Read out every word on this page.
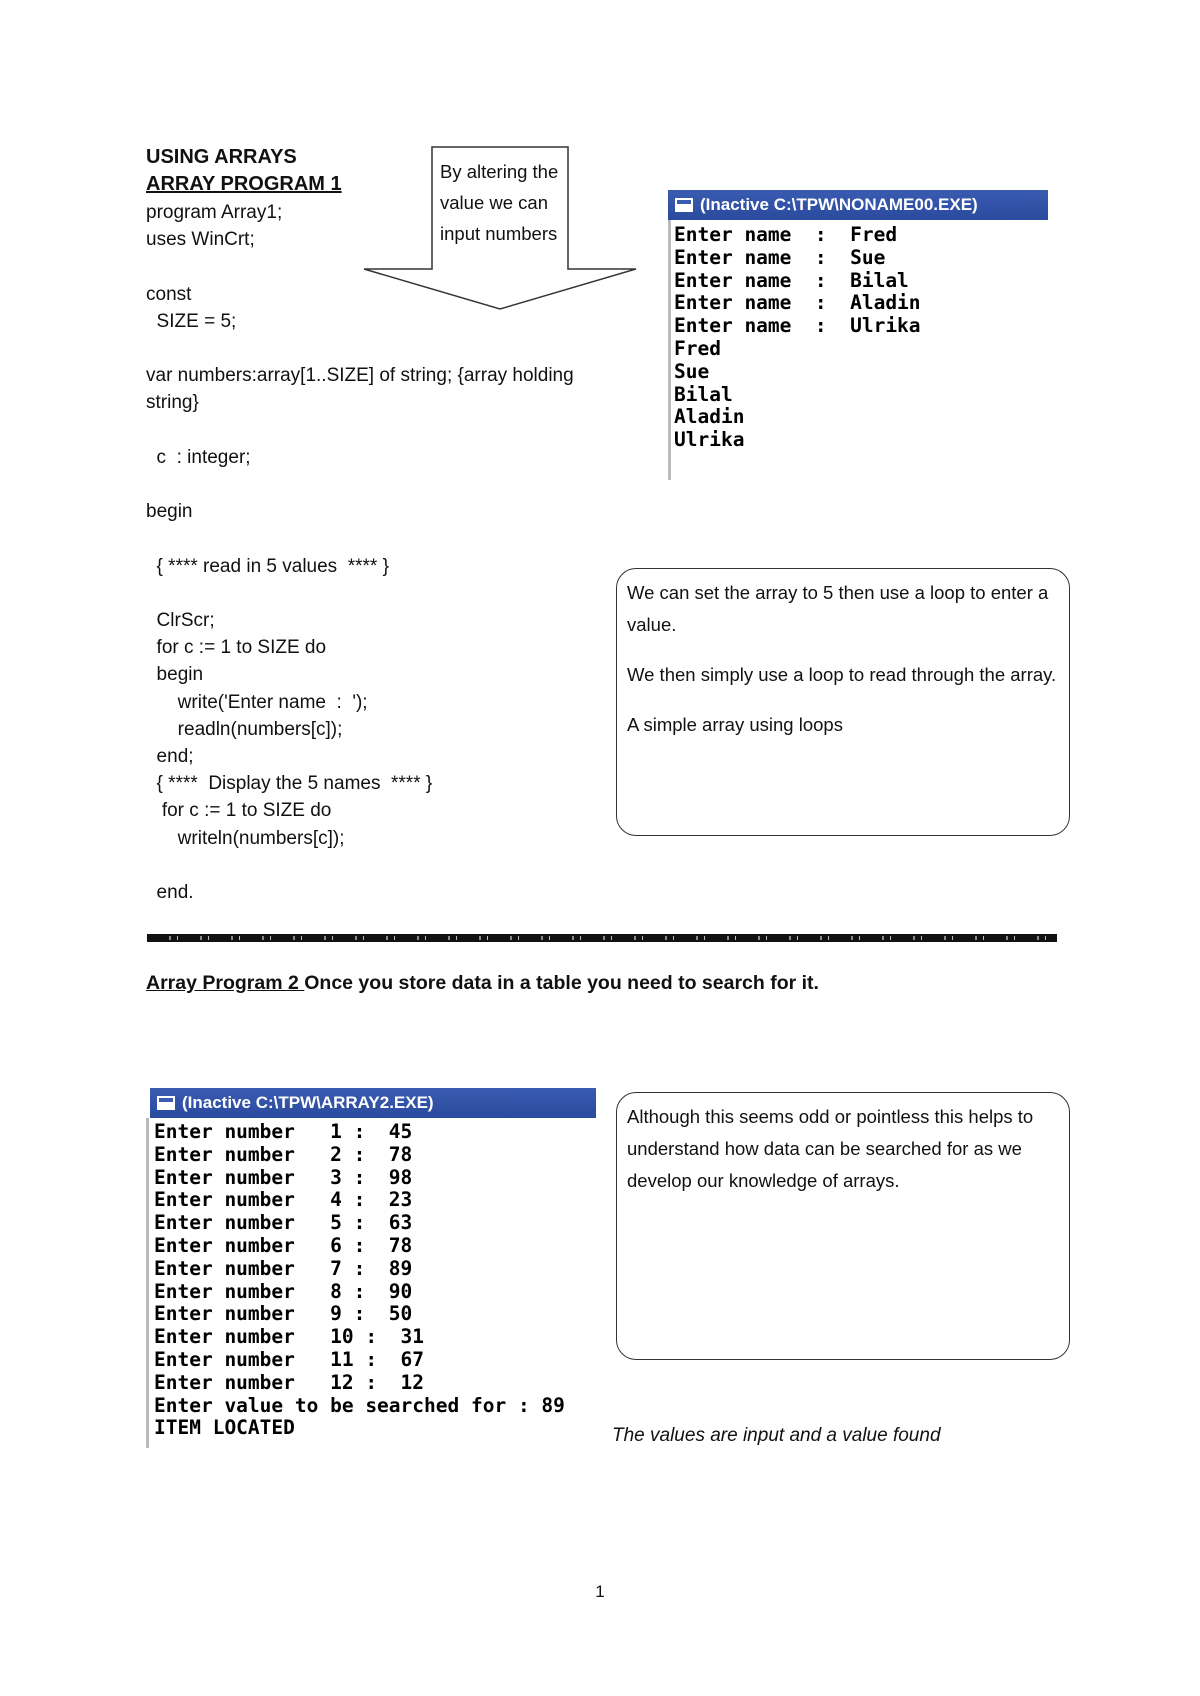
USING ARRAYS
ARRAY PROGRAM 1
program Array1;
uses WinCrt;
const
SIZE = 5;
var numbers:array[1..SIZE] of string; {array holding
string}
c  : integer;
begin
{ **** read in 5 values  **** }
ClrScr;
for c := 1 to SIZE do
begin
write('Enter name  :  ');
readln(numbers[c]);
end;
{ ****  Display the 5 names  **** }
for c := 1 to SIZE do
writeln(numbers[c]);
end.
By altering the value we can input numbers
(Inactive C:\TPW\NONAME00.EXE)
Enter name  :  Fred
Enter name  :  Sue
Enter name  :  Bilal
Enter name  :  Aladin
Enter name  :  Ulrika
Fred
Sue
Bilal
Aladin
Ulrika

We can set the array to 5 then use a loop to enter a value.

We then simply use a loop to read through the array.

A simple array using loops

Array Program 2 Once you store data in a table you need to search for it.
(Inactive C:\TPW\ARRAY2.EXE)
Enter number   1 :  45
Enter number   2 :  78
Enter number   3 :  98
Enter number   4 :  23
Enter number   5 :  63
Enter number   6 :  78
Enter number   7 :  89
Enter number   8 :  90
Enter number   9 :  50
Enter number   10 :  31
Enter number   11 :  67
Enter number   12 :  12
Enter value to be searched for : 89
ITEM LOCATED

Although this seems odd or pointless this helps to understand how data can be searched for as we develop our knowledge of arrays.

The values are input and a value found
1
